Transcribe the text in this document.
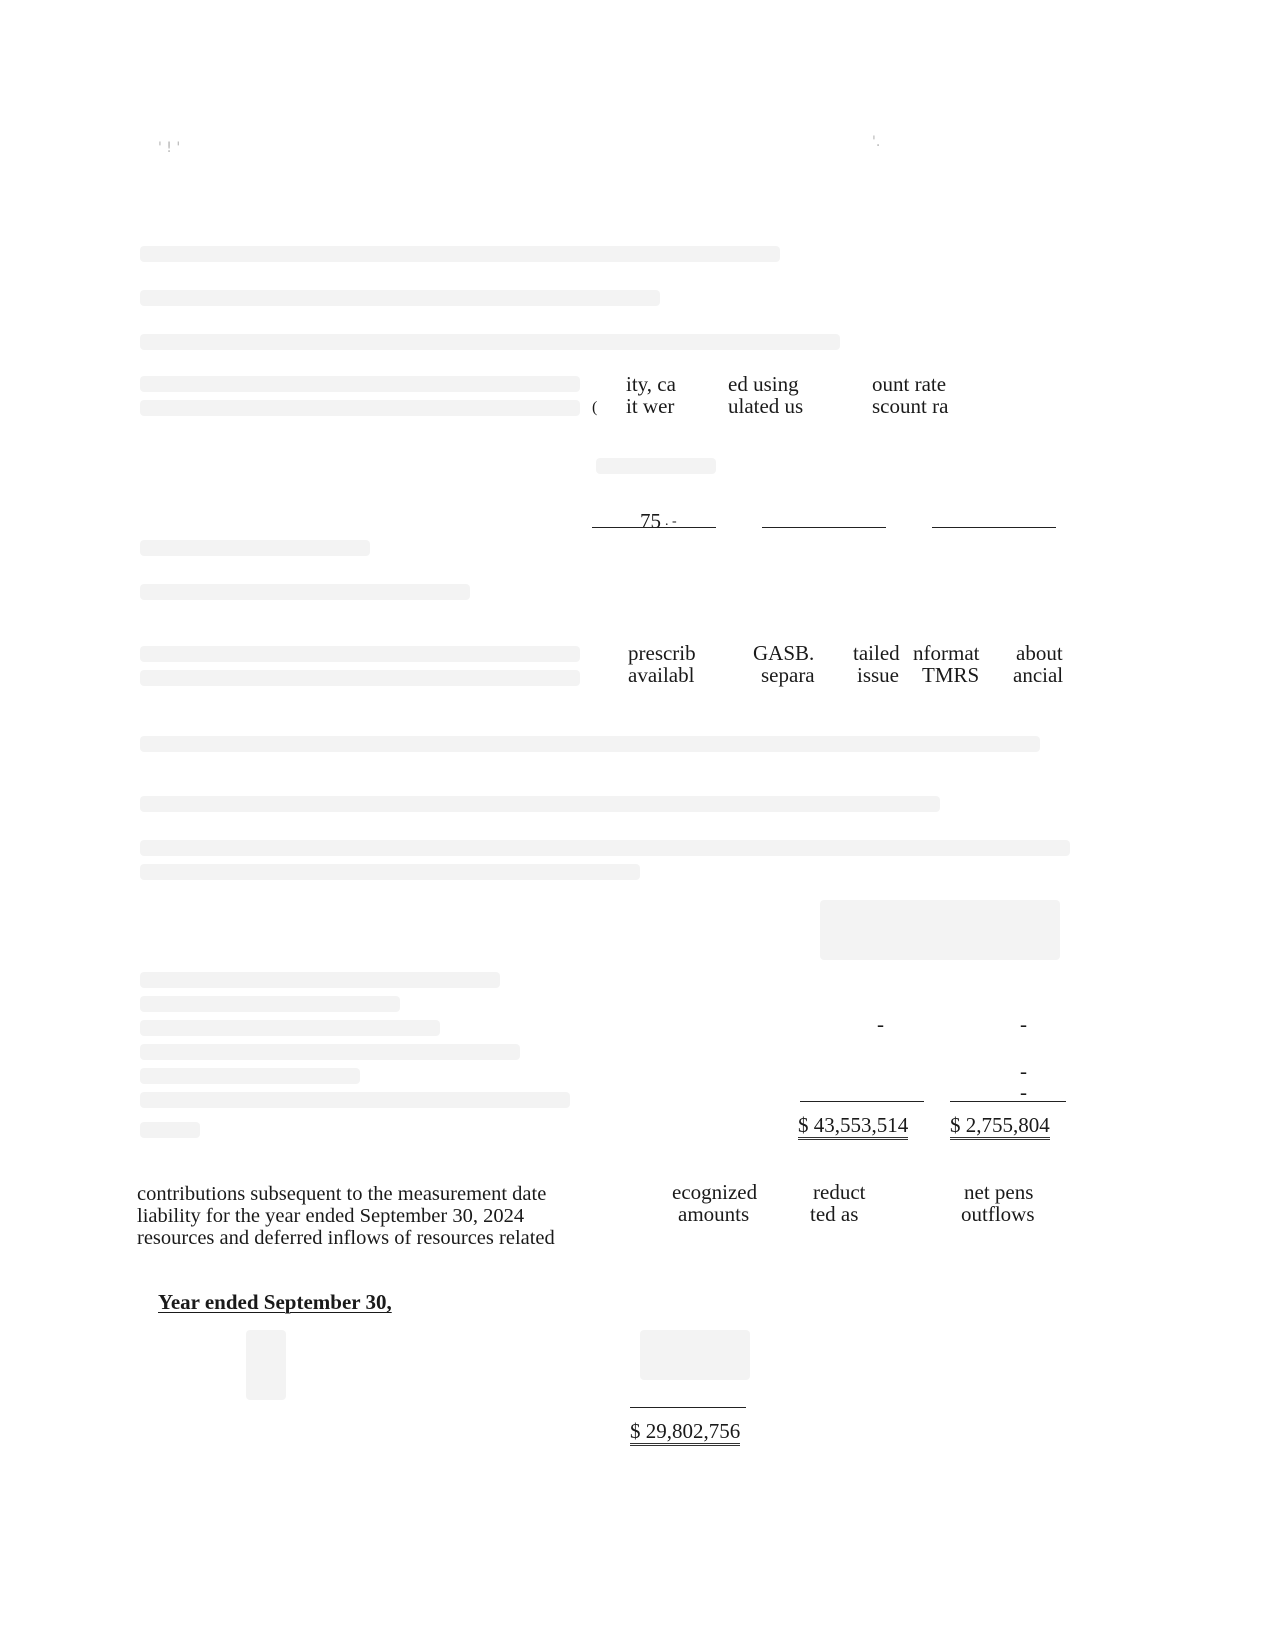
' ! '	'.
(
ity, ca
it wer
ed using
ulated us
ount rate
scount ra
75 . -
prescrib
availabl
GASB.
separa
tailed
issue
nformat
TMRS
about
ancial
-	-
-
-
$ 43,553,514 $ 2,755,804
contributions subsequent to the measurement date
liability for the year ended September 30, 2024
resources and deferred inflows of resources related
ecognized
amounts
reduct
ted as
net pens
outflows
Year ended September 30,
$ 29,802,756
